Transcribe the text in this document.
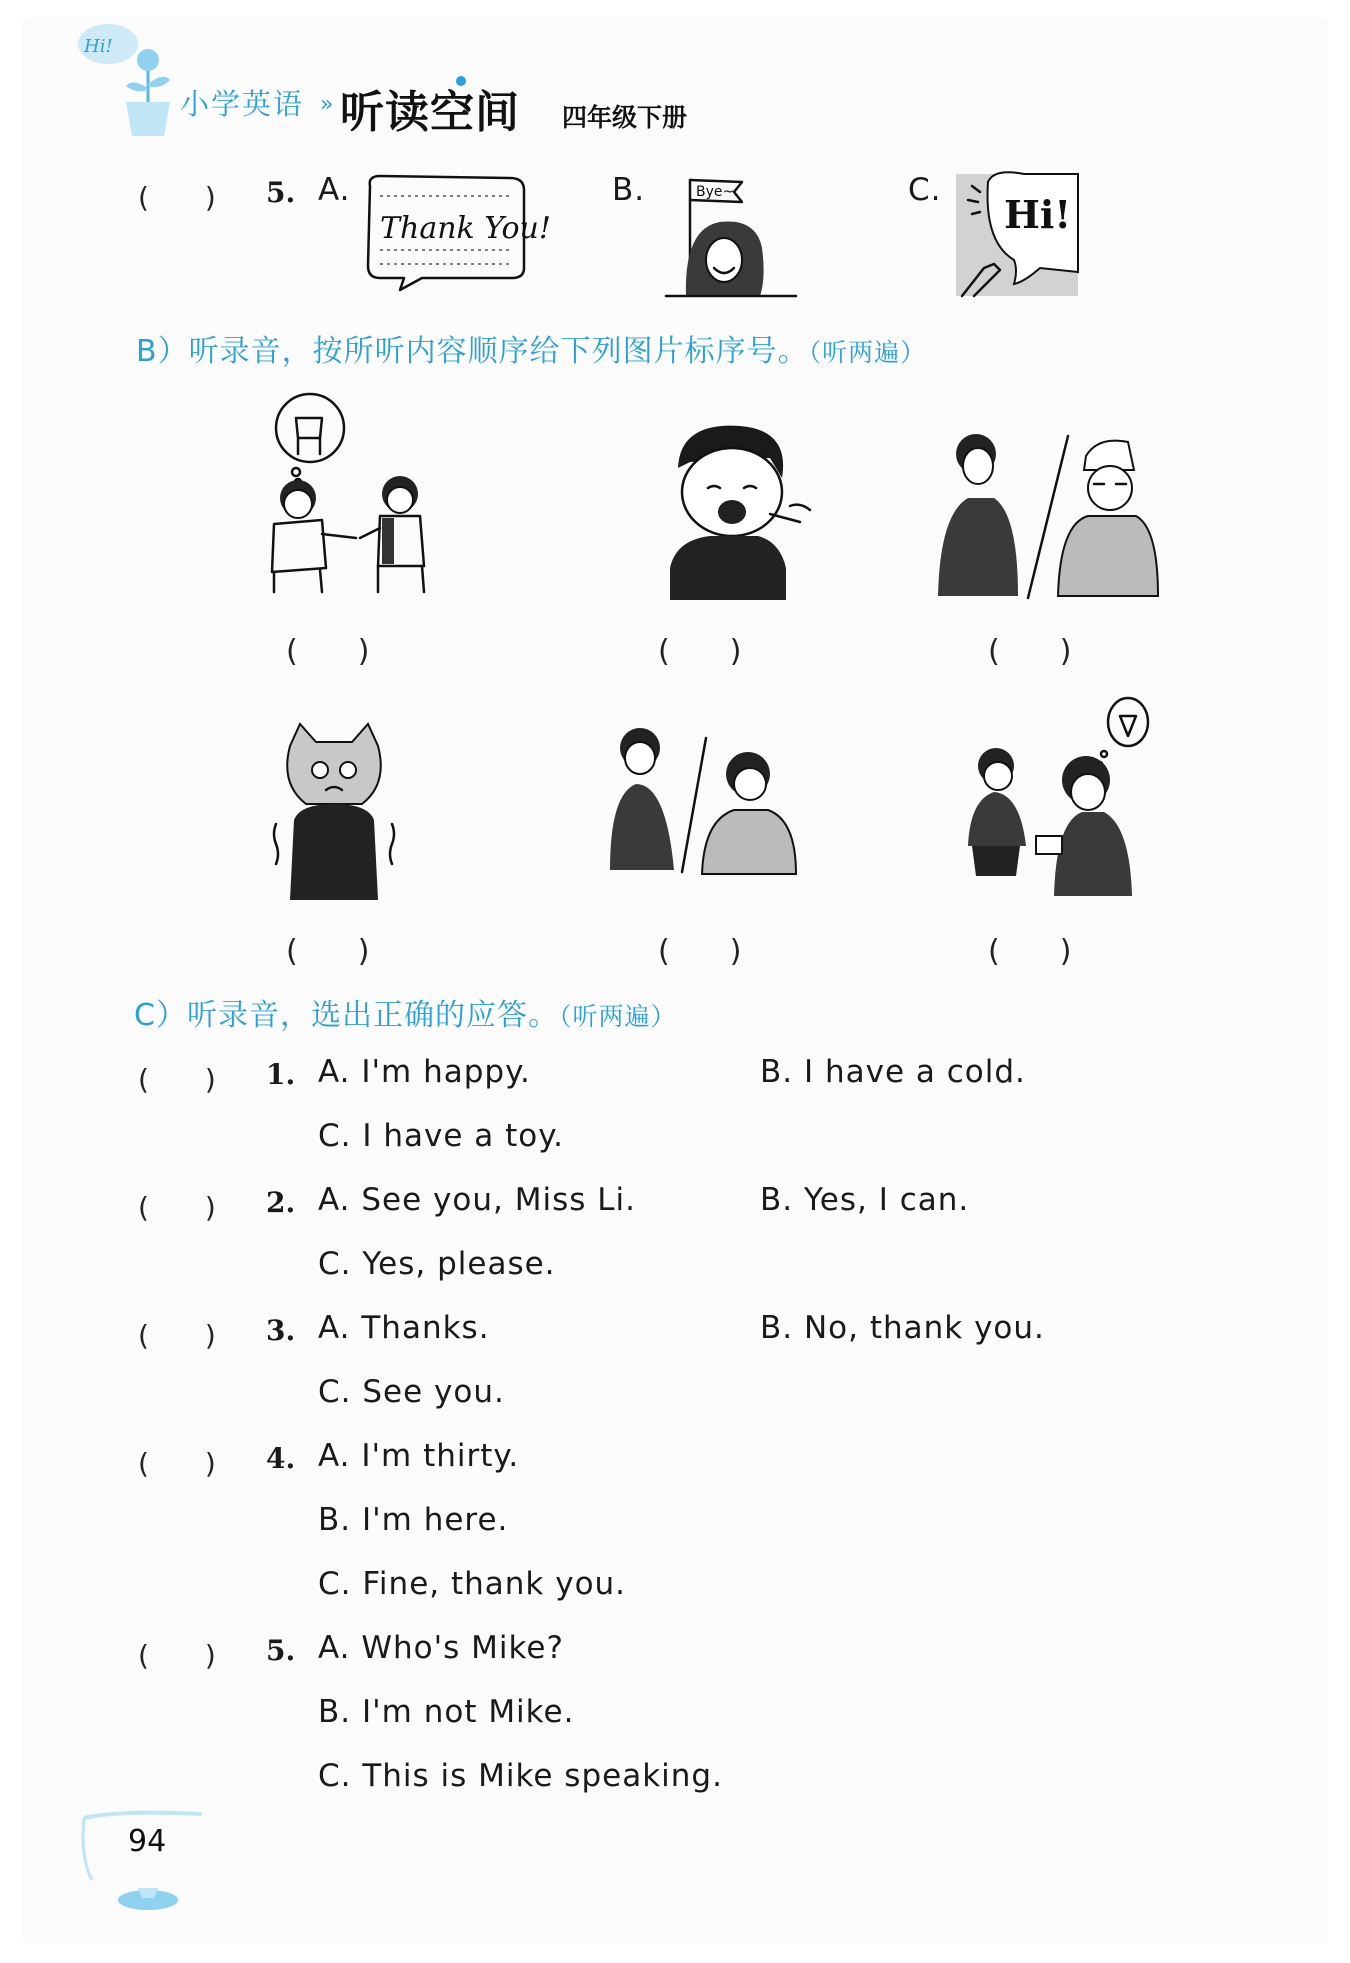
Hi!
小学英语 » 听读空间 四年级下册
(　　) 5. A.
Thank You!
B.	Bye~	C.
Hi!
B）听录音，按所听内容顺序给下列图片标序号。（听两遍）
(　　)	(　　)	(　　)
(　　)	(　　)	(　　)
C）听录音，选出正确的应答。（听两遍）
(　　) 1. A. I'm happy.	B. I have a cold.
C. I have a toy.
(　　) 2. A. See you, Miss Li.	B. Yes, I can.
C. Yes, please.
(　　) 3. A. Thanks.	B. No, thank you.
C. See you.
(　　) 4. A. I'm thirty.
B. I'm here.
C. Fine, thank you.
(　　) 5. A. Who's Mike?
B. I'm not Mike.
C. This is Mike speaking.
94
